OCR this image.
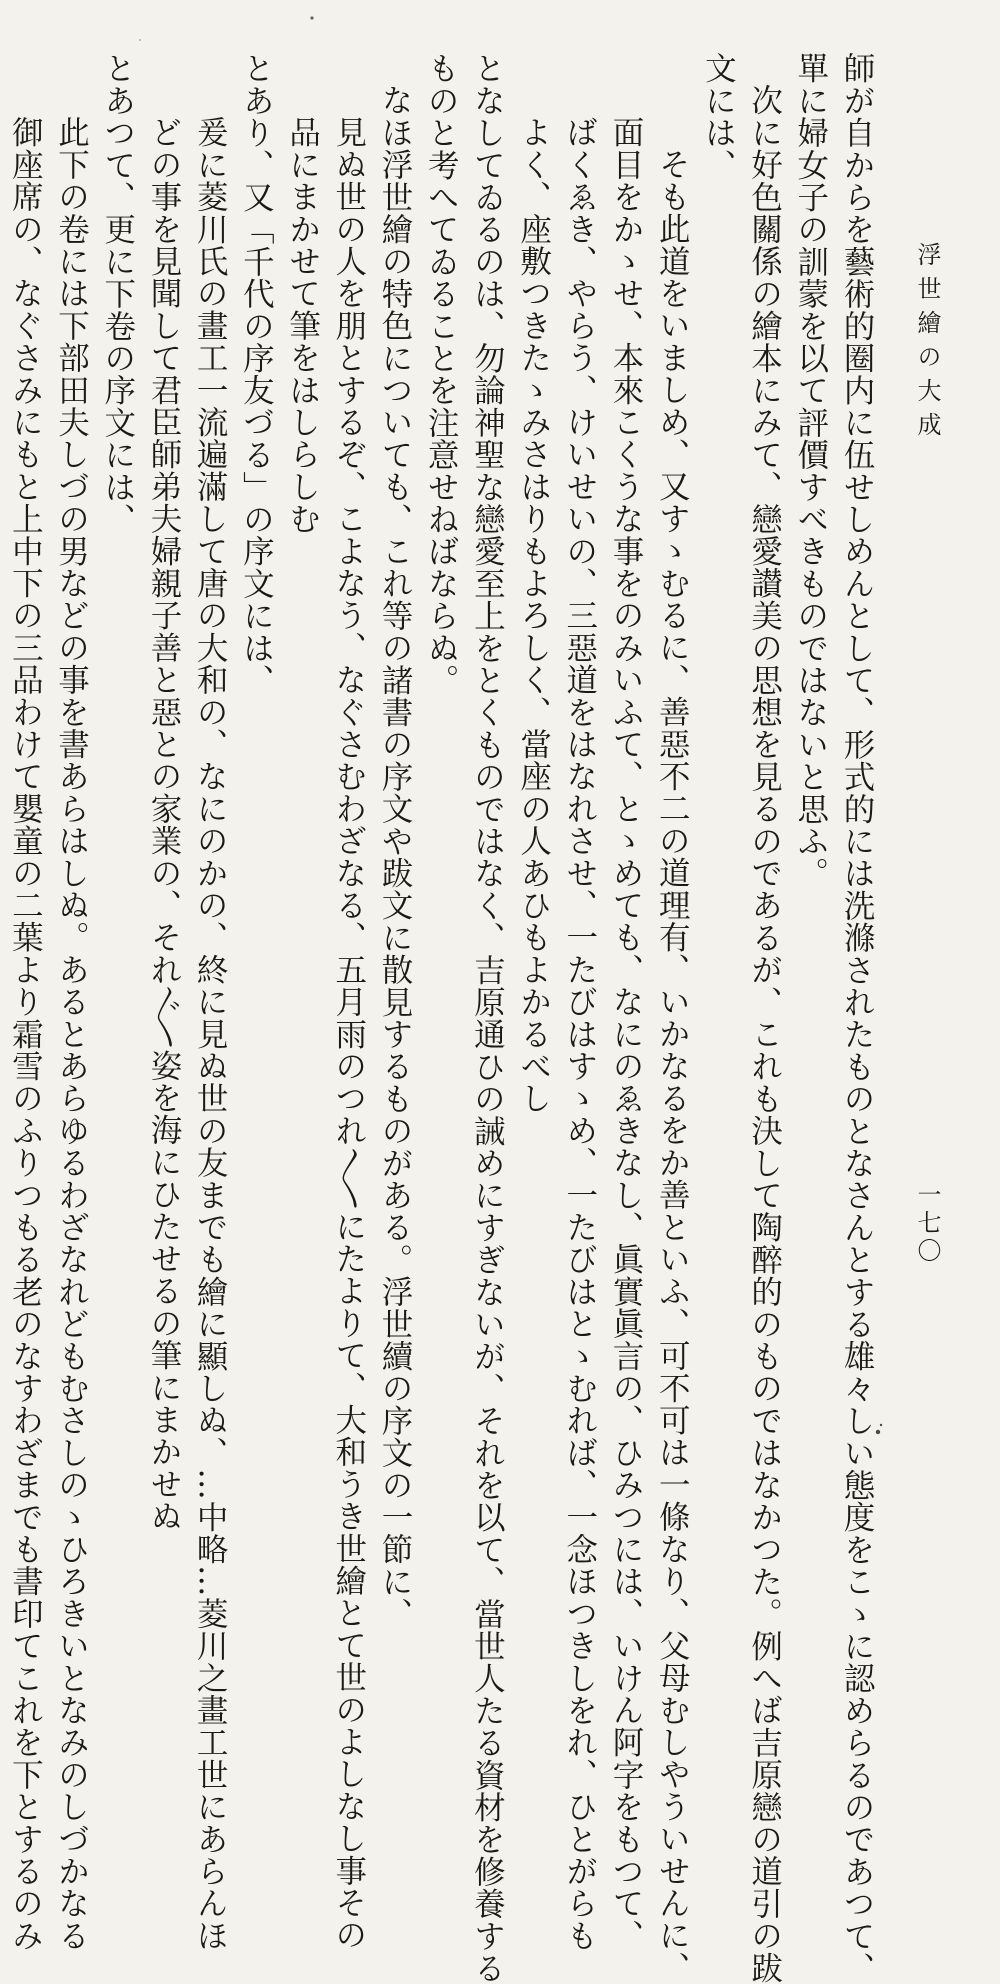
浮世繪の大成
一七〇
師が自からを藝術的圈内に伍せしめんとして、形式的には洗滌されたものとなさんとする雄々しい態度をこゝに認めらるのであつて、
單に婦女子の訓蒙を以て評價すべきものではないと思ふ。
次に好色關係の繪本にみて、戀愛讃美の思想を見るのであるが、これも決して陶醉的のものではなかつた。例へば吉原戀の道引の跋
文には、
そも此道をいましめ、又すゝむるに、善惡不二の道理有、いかなるをか善といふ、可不可は一條なり、父母むしやういせんに、
面目をかゝせ、本來こくうな事をのみいふて、とゝめても、なにのゑきなし、眞實眞言の、ひみつには、いけん阿字をもつて、
ばくゑき、やらう、けいせいの、三惡道をはなれさせ、一たびはすゝめ、一たびはとゝむれば、一念ほつきしをれ、ひとがらも
よく、座敷つきたゝみさはりもよろしく、當座の人あひもよかるべし
となしてゐるのは、勿論神聖な戀愛至上をとくものではなく、吉原通ひの誡めにすぎないが、それを以て、當世人たる資材を修養する
ものと考へてゐることを注意せねばならぬ。
なほ浮世繪の特色についても、これ等の諸書の序文や跋文に散見するものがある。浮世續の序文の一節に、
見ぬ世の人を朋とするぞ、こよなう、なぐさむわざなる、五月雨のつれ〱にたよりて、大和うき世繪とて世のよしなし事その
品にまかせて筆をはしらしむ
とあり、又「千代の序友づる」の序文には、
爰に菱川氏の畫工一流遍滿して唐の大和の、なにのかの、終に見ぬ世の友までも繪に顯しぬ、…中略…菱川之畫工世にあらんほ
どの事を見聞して君臣師弟夫婦親子善と惡との家業の、それ〲姿を海にひたせるの筆にまかせぬ
とあつて、更に下卷の序文には、
此下の卷には下部田夫しづの男などの事を書あらはしぬ。あるとあらゆるわざなれどもむさしのゝひろきいとなみのしづかなる
御座席の、なぐさみにもと上中下の三品わけて嬰童の二葉より霜雪のふりつもる老のなすわざまでも書印てこれを下とするのみ
